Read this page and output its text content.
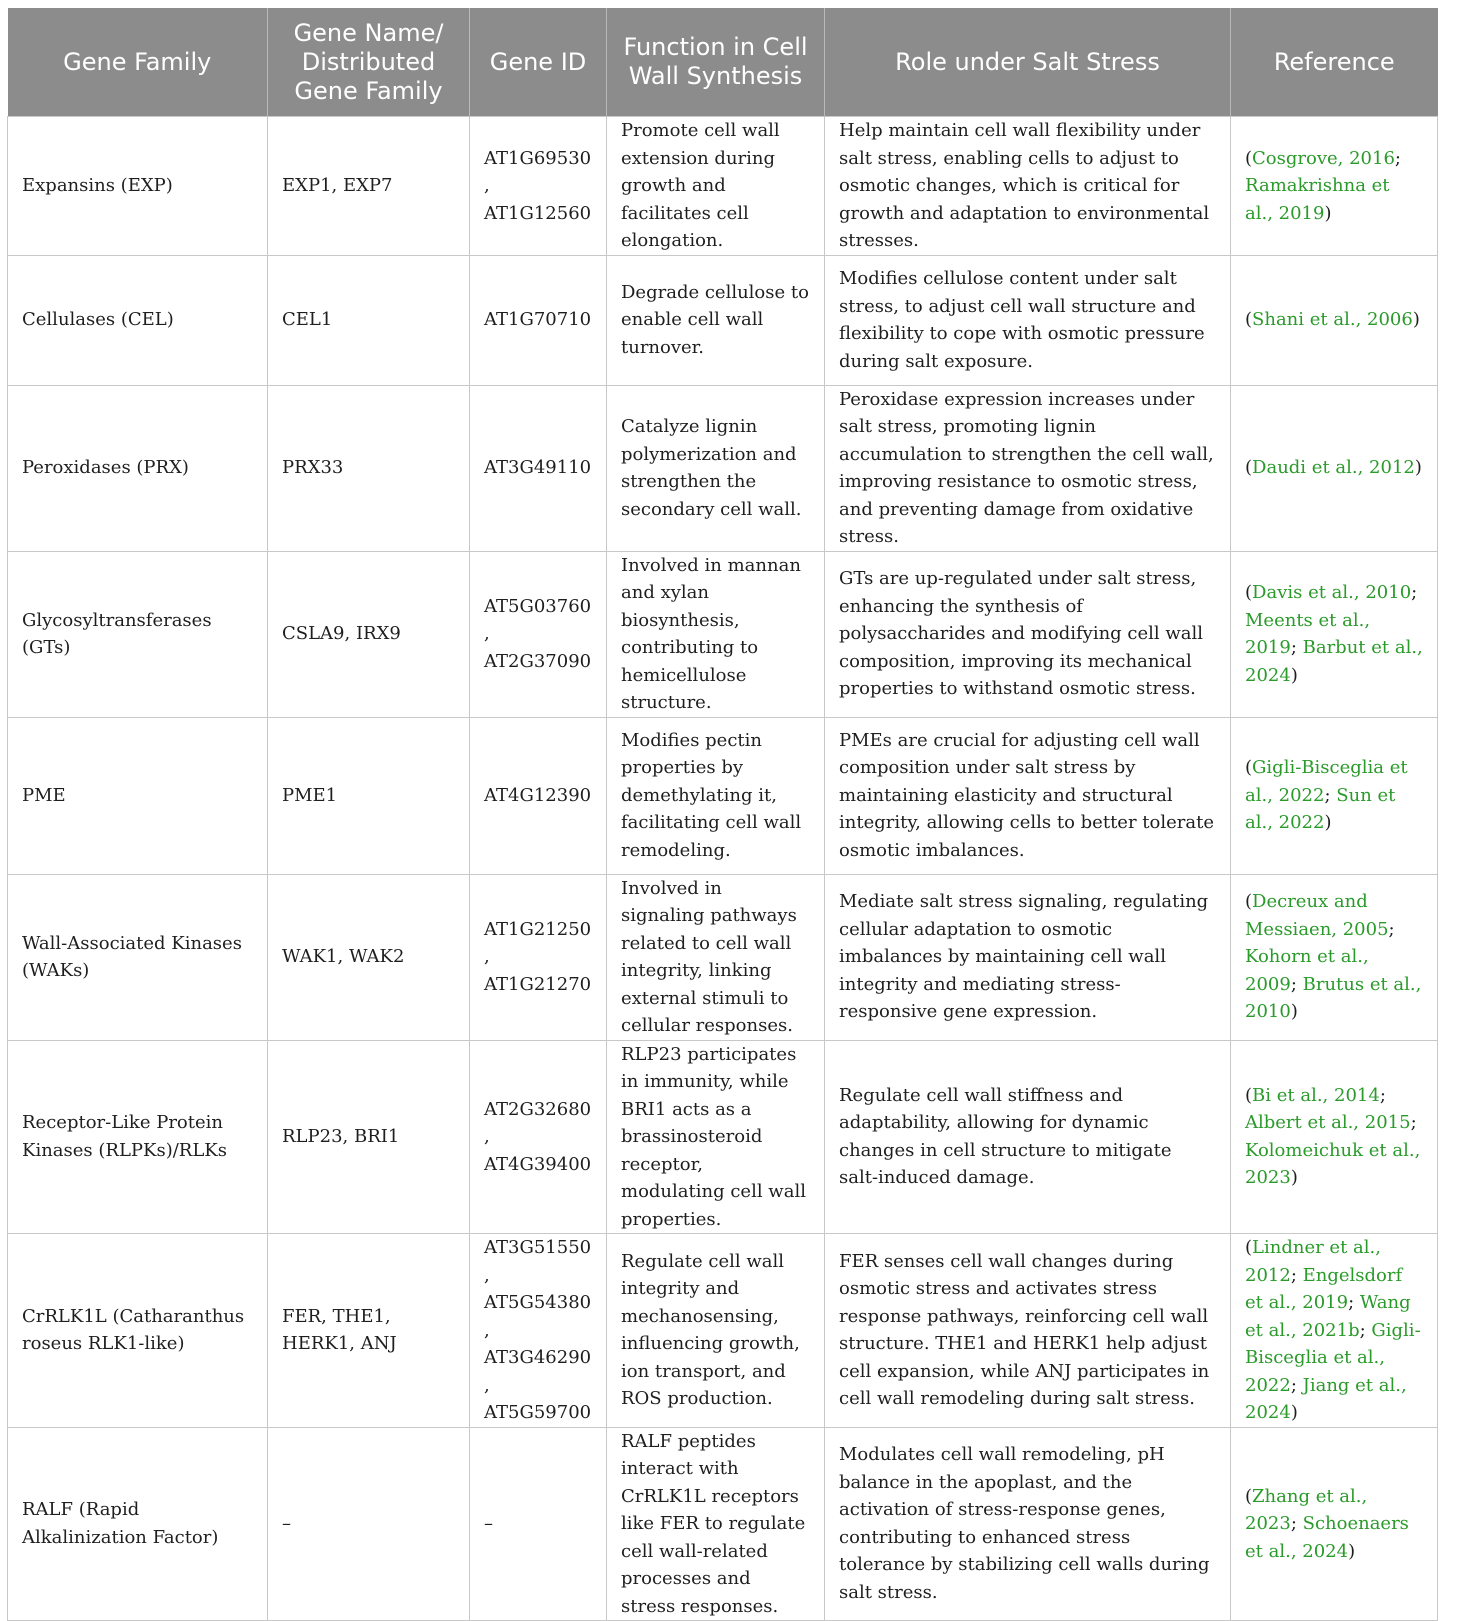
Gene Family	Gene Name/ Distributed Gene Family	Gene ID	Function in Cell Wall Synthesis	Role under Salt Stress	Reference
Expansins (EXP)	EXP1, EXP7	AT1G69530, AT1G12560	Promote cell wall extension during growth and facilitates cell elongation.	Help maintain cell wall flexibility under salt stress, enabling cells to adjust to osmotic changes, which is critical for growth and adaptation to environmental stresses.	(Cosgrove, 2016; Ramakrishna et al., 2019)
Cellulases (CEL)	CEL1	AT1G70710	Degrade cellulose to enable cell wall turnover.	Modifies cellulose content under salt stress, to adjust cell wall structure and flexibility to cope with osmotic pressure during salt exposure.	(Shani et al., 2006)
Peroxidases (PRX)	PRX33	AT3G49110	Catalyze lignin polymerization and strengthen the secondary cell wall.	Peroxidase expression increases under salt stress, promoting lignin accumulation to strengthen the cell wall, improving resistance to osmotic stress, and preventing damage from oxidative stress.	(Daudi et al., 2012)
Glycosyltransferases (GTs)	CSLA9, IRX9	AT5G03760, AT2G37090	Involved in mannan and xylan biosynthesis, contributing to hemicellulose structure.	GTs are up-regulated under salt stress, enhancing the synthesis of polysaccharides and modifying cell wall composition, improving its mechanical properties to withstand osmotic stress.	(Davis et al., 2010; Meents et al., 2019; Barbut et al., 2024)
PME	PME1	AT4G12390	Modifies pectin properties by demethylating it, facilitating cell wall remodeling.	PMEs are crucial for adjusting cell wall composition under salt stress by maintaining elasticity and structural integrity, allowing cells to better tolerate osmotic imbalances.	(Gigli-Bisceglia et al., 2022; Sun et al., 2022)
Wall-Associated Kinases (WAKs)	WAK1, WAK2	AT1G21250, AT1G21270	Involved in signaling pathways related to cell wall integrity, linking external stimuli to cellular responses.	Mediate salt stress signaling, regulating cellular adaptation to osmotic imbalances by maintaining cell wall integrity and mediating stress-responsive gene expression.	(Decreux and Messiaen, 2005; Kohorn et al., 2009; Brutus et al., 2010)
Receptor-Like Protein Kinases (RLPKs)/RLKs	RLP23, BRI1	AT2G32680, AT4G39400	RLP23 participates in immunity, while BRI1 acts as a brassinosteroid receptor, modulating cell wall properties.	Regulate cell wall stiffness and adaptability, allowing for dynamic changes in cell structure to mitigate salt-induced damage.	(Bi et al., 2014; Albert et al., 2015; Kolomeichuk et al., 2023)
CrRLK1L (Catharanthus roseus RLK1-like)	FER, THE1, HERK1, ANJ	AT3G51550, AT5G54380, AT3G46290, AT5G59700	Regulate cell wall integrity and mechanosensing, influencing growth, ion transport, and ROS production.	FER senses cell wall changes during osmotic stress and activates stress response pathways, reinforcing cell wall structure. THE1 and HERK1 help adjust cell expansion, while ANJ participates in cell wall remodeling during salt stress.	(Lindner et al., 2012; Engelsdorf et al., 2019; Wang et al., 2021b; Gigli-Bisceglia et al., 2022; Jiang et al., 2024)
RALF (Rapid Alkalinization Factor)	–	–	RALF peptides interact with CrRLK1L receptors like FER to regulate cell wall-related processes and stress responses.	Modulates cell wall remodeling, pH balance in the apoplast, and the activation of stress-response genes, contributing to enhanced stress tolerance by stabilizing cell walls during salt stress.	(Zhang et al., 2023; Schoenaers et al., 2024)
